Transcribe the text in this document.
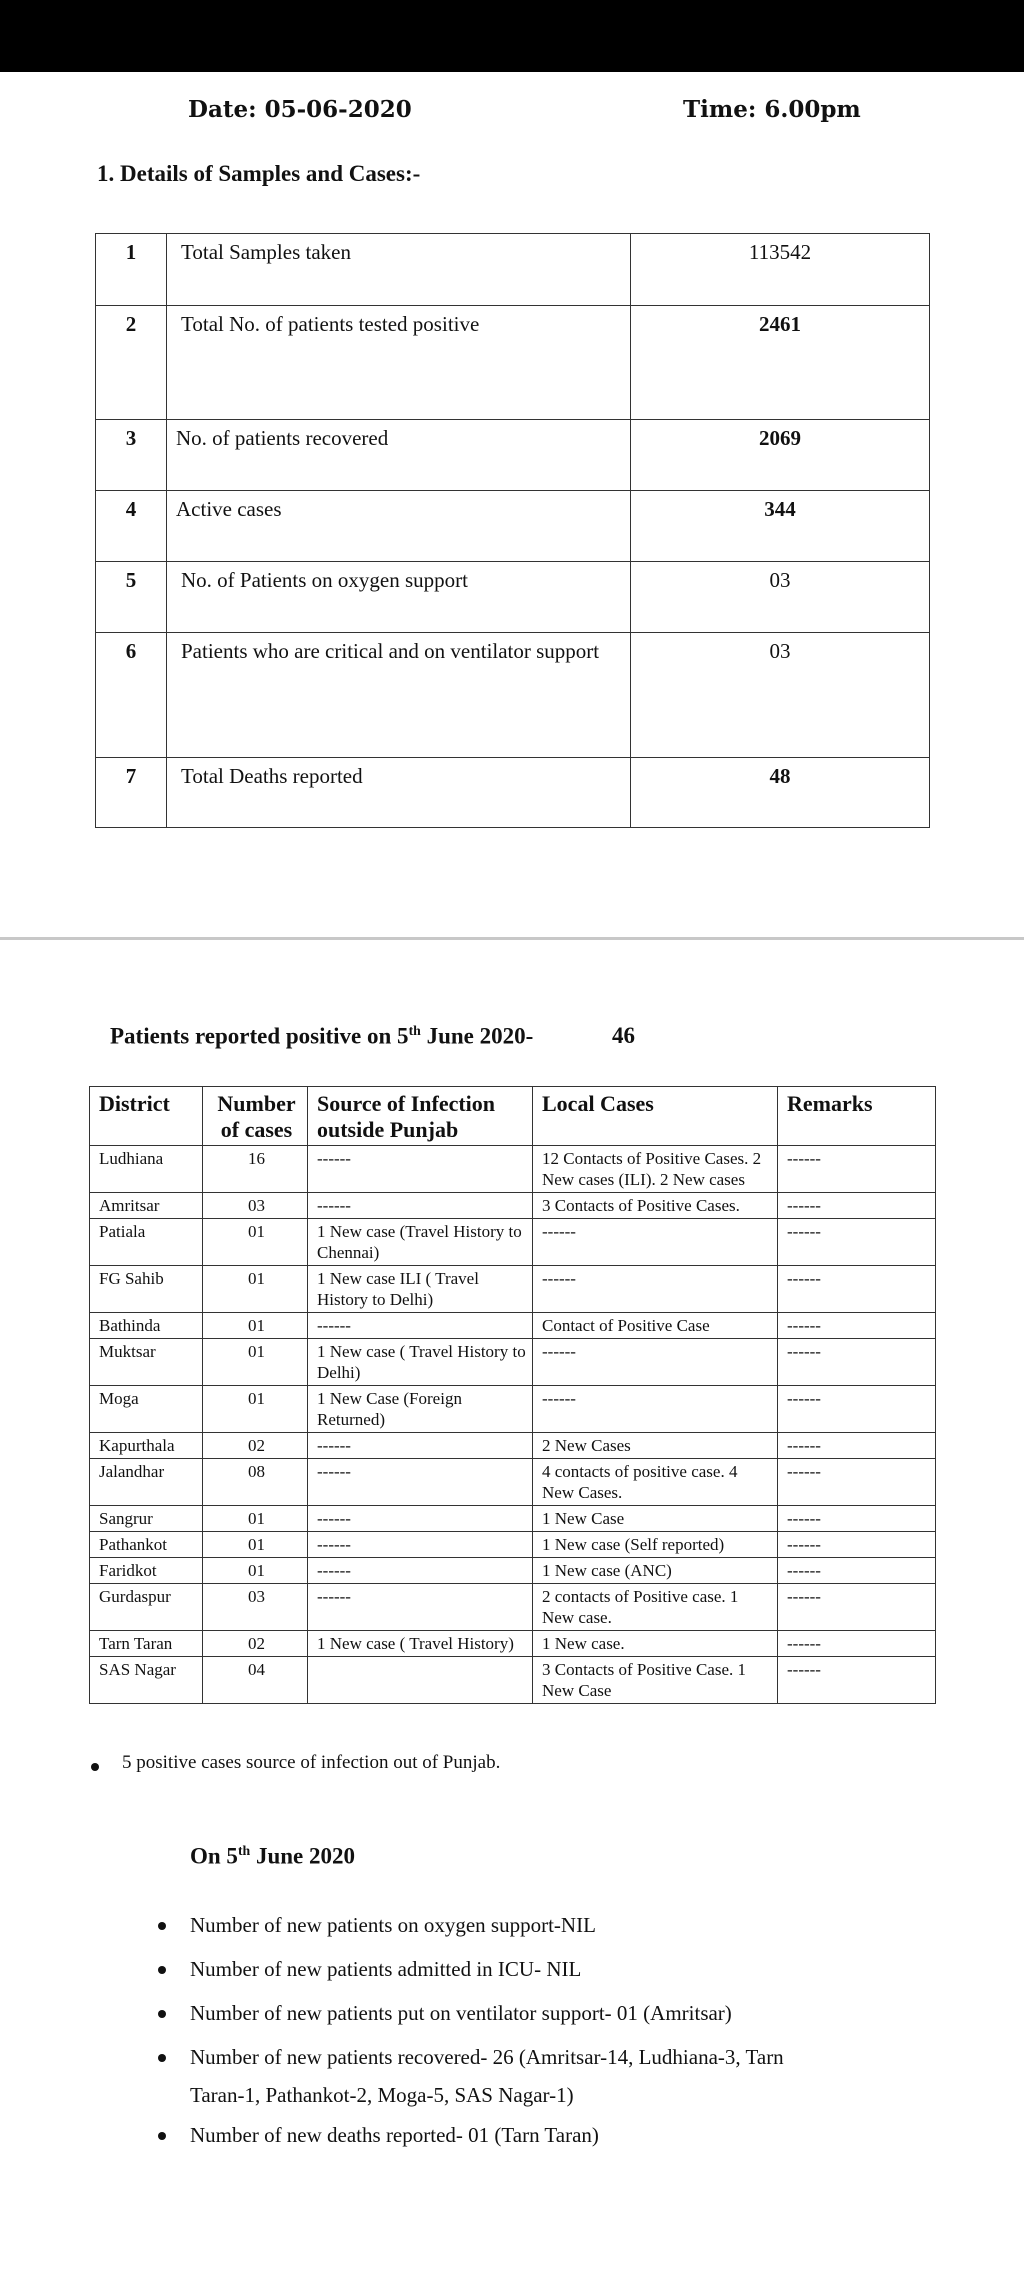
Date: 05-06-2020	Time: 6.00pm
1. Details of Samples and Cases:-
1	Total Samples taken	113542
2	Total No. of patients tested positive	2461
3	No. of patients recovered	2069
4	Active cases	344
5	No. of Patients on oxygen support	03
6	Patients who are critical and on ventilator support	03
7	Total Deaths reported	48
Patients reported positive on 5th June 2020-	46
District	Number of cases	Source of Infection outside Punjab	Local Cases	Remarks
Ludhiana	16	------	12 Contacts of Positive Cases. 2 New cases (ILI). 2 New cases	------
Amritsar	03	------	3 Contacts of Positive Cases.	------
Patiala	01	1 New case (Travel History to Chennai)	------	------
FG Sahib	01	1 New case ILI ( Travel History to Delhi)	------	------
Bathinda	01	------	Contact of Positive Case	------
Muktsar	01	1 New case ( Travel History to Delhi)	------	------
Moga	01	1 New Case (Foreign Returned)	------	------
Kapurthala	02	------	2 New Cases	------
Jalandhar	08	------	4 contacts of positive case. 4 New Cases.	------
Sangrur	01	------	1 New Case	------
Pathankot	01	------	1 New case (Self reported)	------
Faridkot	01	------	1 New case (ANC)	------
Gurdaspur	03	------	2 contacts of Positive case. 1 New case.	------
Tarn Taran	02	1 New case ( Travel History)	1 New case.	------
SAS Nagar	04		3 Contacts of Positive Case. 1 New Case	------
5 positive cases source of infection out of Punjab.
On 5th June 2020
Number of new patients on oxygen support-NIL
Number of new patients admitted in ICU- NIL
Number of new patients put on ventilator support- 01 (Amritsar)
Number of new patients recovered- 26 (Amritsar-14, Ludhiana-3, Tarn
Taran-1, Pathankot-2, Moga-5, SAS Nagar-1)
Number of new deaths reported- 01 (Tarn Taran)
